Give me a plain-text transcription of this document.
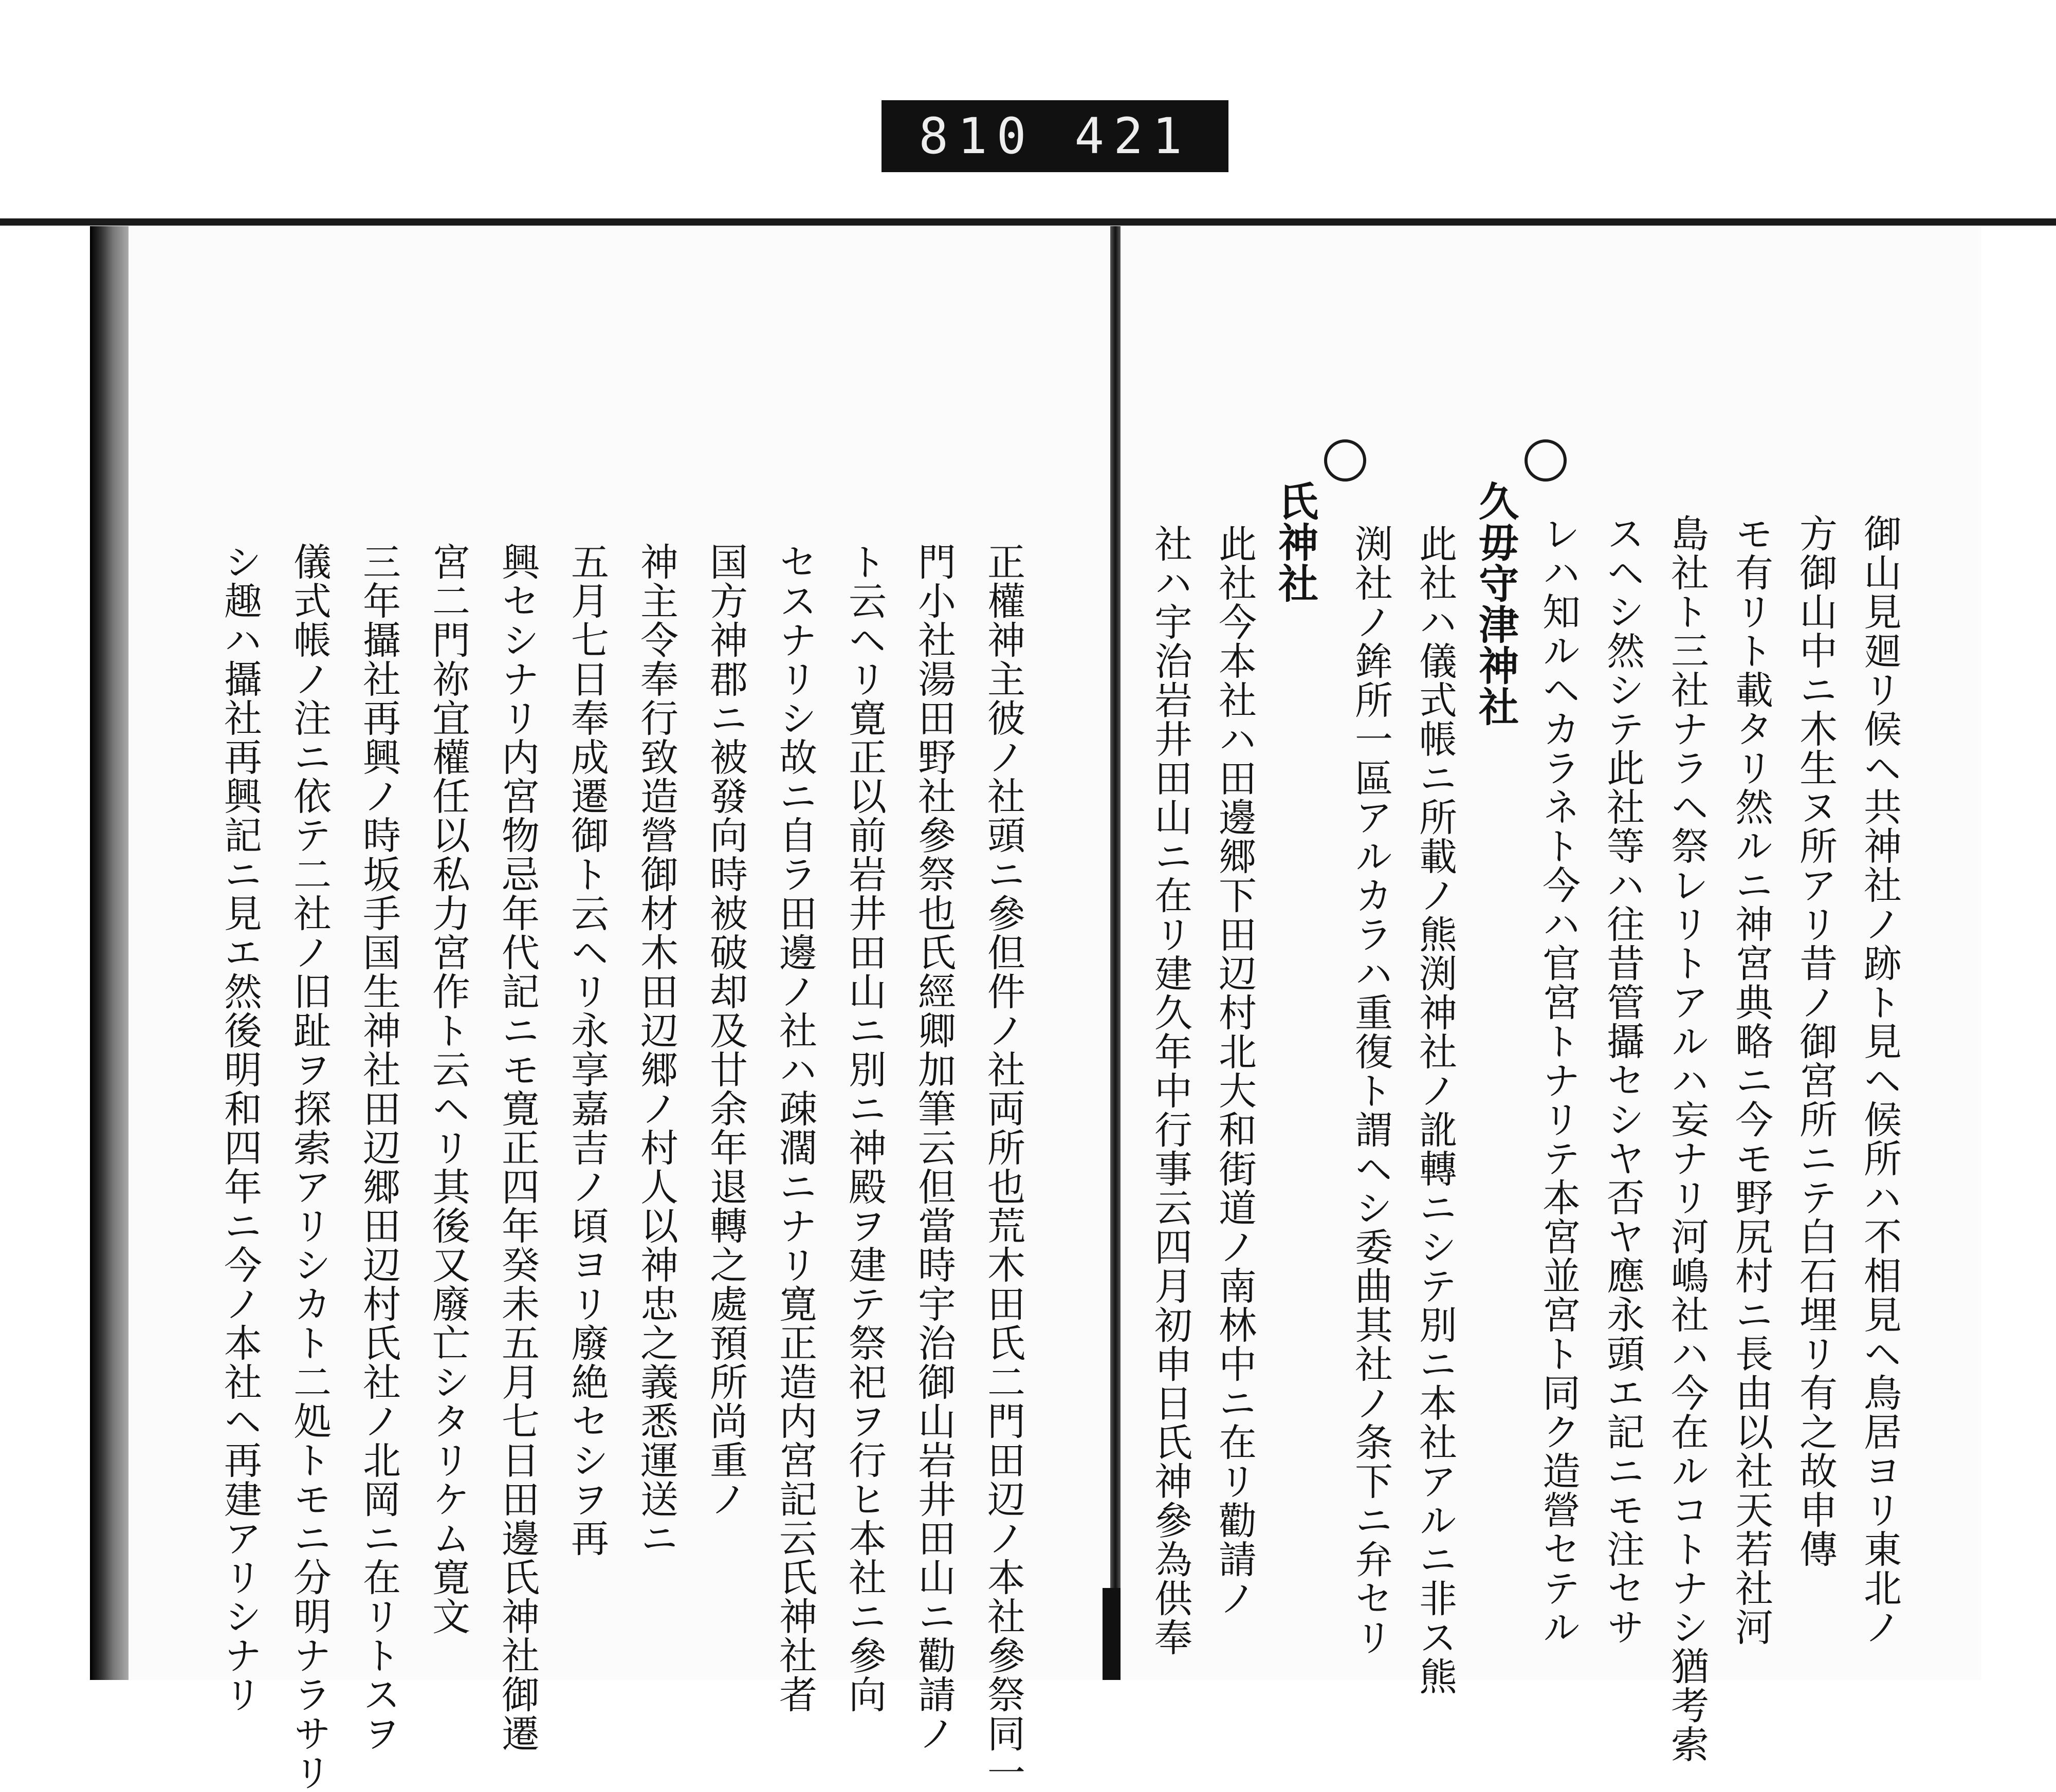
810 421
正權神主彼ノ社頭ニ參但件ノ社両所也荒木田氏二門田辺ノ本社參祭同一
門小社湯田野社參祭也氏經卿加筆云但當時宇治御山岩井田山ニ勸請ノ
ト云ヘリ寛正以前岩井田山ニ別ニ神殿ヲ建テ祭祀ヲ行ヒ本社ニ參向
セスナリシ故ニ自ラ田邊ノ社ハ疎濶ニナリ寛正造内宮記云氏神社者
国方神郡ニ被發向時被破却及廿余年退轉之處預所尚重ノ
神主令奉行致造營御材木田辺郷ノ村人以神忠之義悉運送ニ
五月七日奉成遷御ト云ヘリ永享嘉吉ノ頃ヨリ廢絶セシヲ再
興セシナリ内宮物忌年代記ニモ寛正四年癸未五月七日田邊氏神社御遷
宮二門祢宜權任以私力宮作ト云ヘリ其後又廢亡シタリケム寛文
三年攝社再興ノ時坂手国生神社田辺郷田辺村氏社ノ北岡ニ在リトスヲ
儀式帳ノ注ニ依テ二社ノ旧趾ヲ探索アリシカト二処トモニ分明ナラサリ
シ趣ハ攝社再興記ニ見エ然後明和四年ニ今ノ本社ヘ再建アリシナリ	御山見廻リ候ヘ共神社ノ跡ト見ヘ候所ハ不相見ヘ鳥居ヨリ東北ノ
方御山中ニ木生ヌ所アリ昔ノ御宮所ニテ白石埋リ有之故申傳
モ有リト載タリ然ルニ神宮典略ニ今モ野尻村ニ長由以社天若社河
島社ト三社ナラヘ祭レリトアルハ妄ナリ河嶋社ハ今在ルコトナシ猶考索
スヘシ然シテ此社等ハ往昔管攝セシヤ否ヤ應永頭エ記ニモ注セサ
レハ知ルヘカラネト今ハ官宮トナリテ本宮並宮ト同ク造營セテル
久毋守津神社
此社ハ儀式帳ニ所載ノ熊渕神社ノ訛轉ニシテ別ニ本社アルニ非ス熊
渕社ノ鉾所一區アルカラハ重復ト謂ヘシ委曲其社ノ条下ニ弁セリ
氏神社
此社今本社ハ田邊郷下田辺村北大和街道ノ南林中ニ在リ勸請ノ
社ハ宇治岩井田山ニ在リ建久年中行事云四月初申日氏神參為供奉
